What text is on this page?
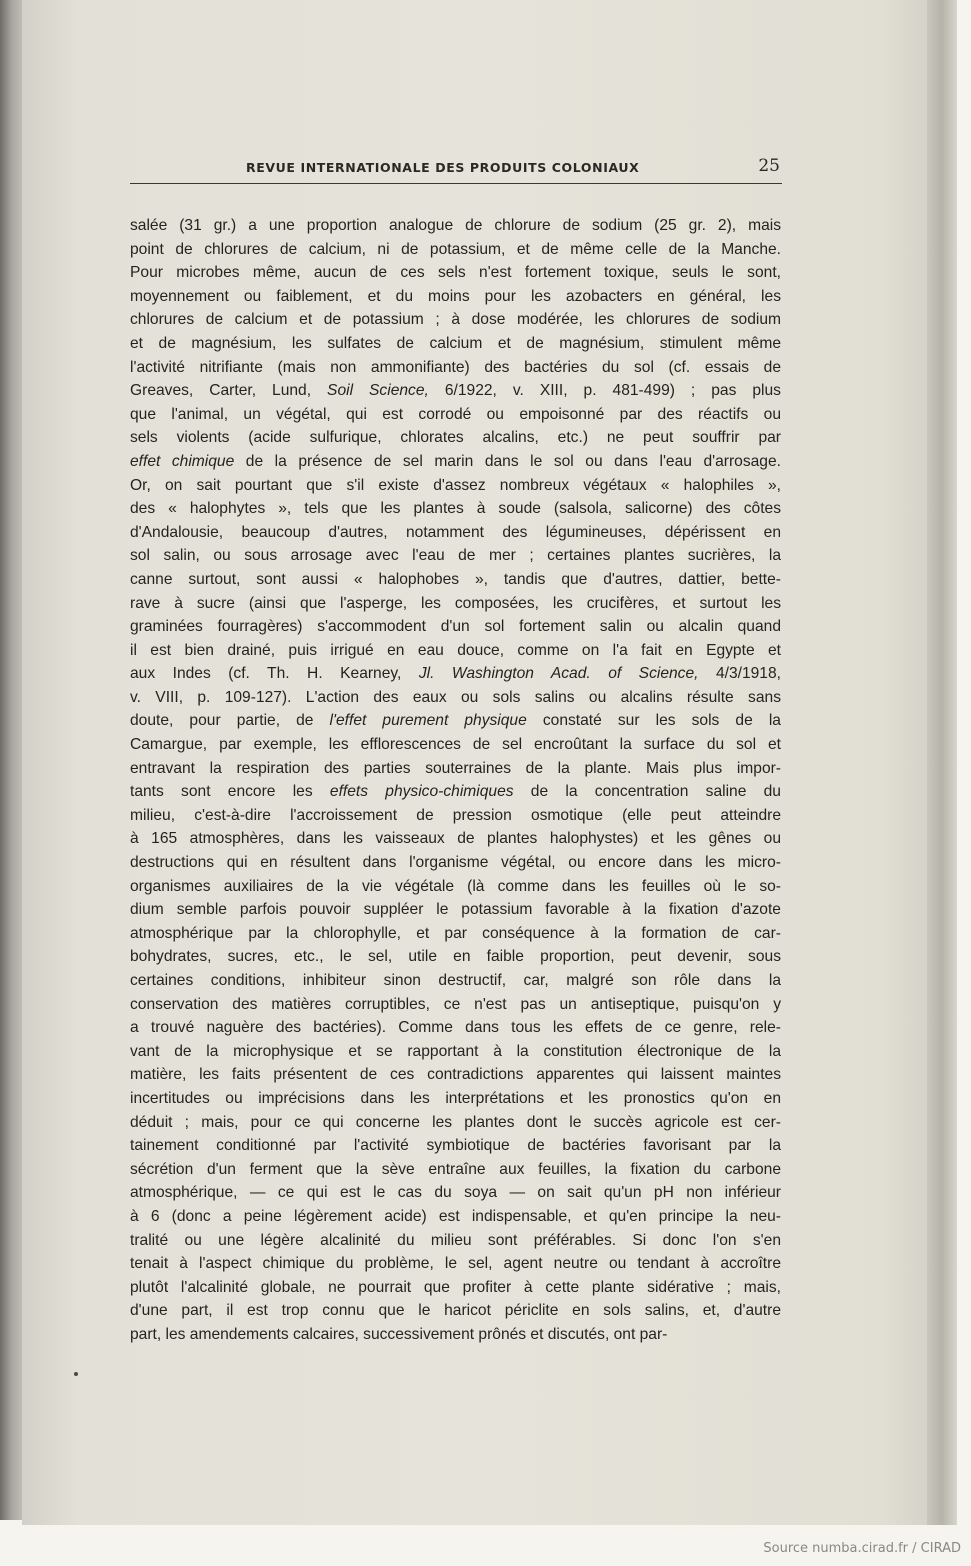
REVUE INTERNATIONALE DES PRODUITS COLONIAUX	25
salée (31 gr.) a une proportion analogue de chlorure de sodium (25 gr. 2), mais
point de chlorures de calcium, ni de potassium, et de même celle de la Manche.
Pour microbes même, aucun de ces sels n'est fortement toxique, seuls le sont,
moyennement ou faiblement, et du moins pour les azobacters en général, les
chlorures de calcium et de potassium ; à dose modérée, les chlorures de sodium
et de magnésium, les sulfates de calcium et de magnésium, stimulent même
l'activité nitrifiante (mais non ammonifiante) des bactéries du sol (cf. essais de
Greaves, Carter, Lund, Soil Science, 6/1922, v. XIII, p. 481-499) ; pas plus
que l'animal, un végétal, qui est corrodé ou empoisonné par des réactifs ou
sels violents (acide sulfurique, chlorates alcalins, etc.) ne peut souffrir par
effet chimique de la présence de sel marin dans le sol ou dans l'eau d'arrosage.
Or, on sait pourtant que s'il existe d'assez nombreux végétaux « halophiles »,
des « halophytes », tels que les plantes à soude (salsola, salicorne) des côtes
d'Andalousie, beaucoup d'autres, notamment des légumineuses, dépérissent en
sol salin, ou sous arrosage avec l'eau de mer ; certaines plantes sucrières, la
canne surtout, sont aussi « halophobes », tandis que d'autres, dattier, bette-
rave à sucre (ainsi que l'asperge, les composées, les crucifères, et surtout les
graminées fourragères) s'accommodent d'un sol fortement salin ou alcalin quand
il est bien drainé, puis irrigué en eau douce, comme on l'a fait en Egypte et
aux Indes (cf. Th. H. Kearney, Jl. Washington Acad. of Science, 4/3/1918,
v. VIII, p. 109-127). L'action des eaux ou sols salins ou alcalins résulte sans
doute, pour partie, de l'effet purement physique constaté sur les sols de la
Camargue, par exemple, les efflorescences de sel encroûtant la surface du sol et
entravant la respiration des parties souterraines de la plante. Mais plus impor-
tants sont encore les effets physico-chimiques de la concentration saline du
milieu, c'est-à-dire l'accroissement de pression osmotique (elle peut atteindre
à 165 atmosphères, dans les vaisseaux de plantes halophystes) et les gênes ou
destructions qui en résultent dans l'organisme végétal, ou encore dans les micro-
organismes auxiliaires de la vie végétale (là comme dans les feuilles où le so-
dium semble parfois pouvoir suppléer le potassium favorable à la fixation d'azote
atmosphérique par la chlorophylle, et par conséquence à la formation de car-
bohydrates, sucres, etc., le sel, utile en faible proportion, peut devenir, sous
certaines conditions, inhibiteur sinon destructif, car, malgré son rôle dans la
conservation des matières corruptibles, ce n'est pas un antiseptique, puisqu'on y
a trouvé naguère des bactéries). Comme dans tous les effets de ce genre, rele-
vant de la microphysique et se rapportant à la constitution électronique de la
matière, les faits présentent de ces contradictions apparentes qui laissent maintes
incertitudes ou imprécisions dans les interprétations et les pronostics qu'on en
déduit ; mais, pour ce qui concerne les plantes dont le succès agricole est cer-
tainement conditionné par l'activité symbiotique de bactéries favorisant par la
sécrétion d'un ferment que la sève entraîne aux feuilles, la fixation du carbone
atmosphérique, — ce qui est le cas du soya — on sait qu'un pH non inférieur
à 6 (donc a peine légèrement acide) est indispensable, et qu'en principe la neu-
tralité ou une légère alcalinité du milieu sont préférables. Si donc l'on s'en
tenait à l'aspect chimique du problème, le sel, agent neutre ou tendant à accroître
plutôt l'alcalinité globale, ne pourrait que profiter à cette plante sidérative ; mais,
d'une part, il est trop connu que le haricot périclite en sols salins, et, d'autre
part, les amendements calcaires, successivement prônés et discutés, ont par-
Source numba.cirad.fr / CIRAD
